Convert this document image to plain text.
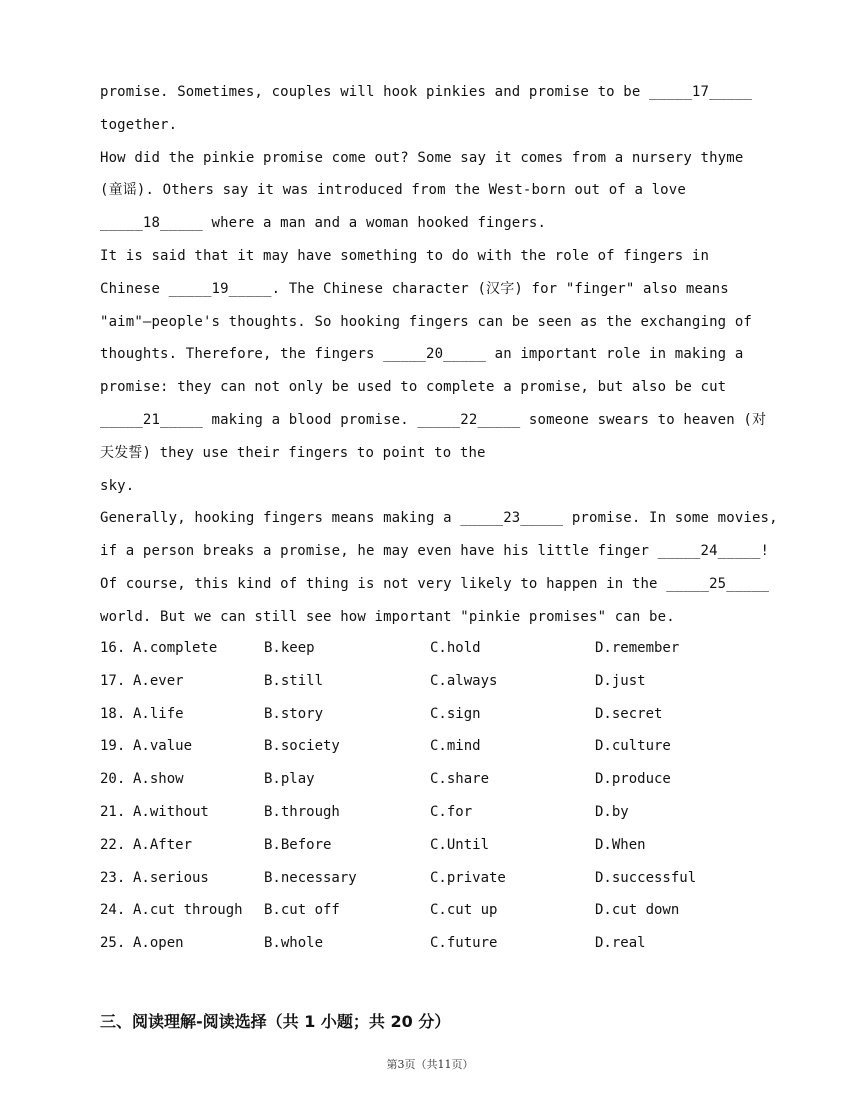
promise. Sometimes, couples will hook pinkies and promise to be _____17_____
together.
How did the pinkie promise come out? Some say it comes from a nursery thyme
(童谣). Others say it was introduced from the West-born out of a love
_____18_____ where a man and a woman hooked fingers.
It is said that it may have something to do with the role of fingers in
Chinese _____19_____. The Chinese character (汉字) for "finger" also means
"aim"—people's thoughts. So hooking fingers can be seen as the exchanging of
thoughts. Therefore, the fingers _____20_____ an important role in making a
promise: they can not only be used to complete a promise, but also be cut
_____21_____ making a blood promise. _____22_____ someone swears to heaven (对
天发誓) they use their fingers to point to the
sky.
Generally, hooking fingers means making a _____23_____ promise. In some movies,
if a person breaks a promise, he may even have his little finger _____24_____!
Of course, this kind of thing is not very likely to happen in the _____25_____
world. But we can still see how important "pinkie promises" can be.
16. A.complete	B.keep	C.hold	D.remember
17. A.ever	B.still	C.always	D.just
18. A.life	B.story	C.sign	D.secret
19. A.value	B.society	C.mind	D.culture
20. A.show	B.play	C.share	D.produce
21. A.without	B.through	C.for	D.by
22. A.After	B.Before	C.Until	D.When
23. A.serious	B.necessary	C.private	D.successful
24. A.cut through B.cut off	C.cut up	D.cut down
25. A.open	B.whole	C.future	D.real
三、阅读理解-阅读选择（共 1 小题；共 20 分）
第3页（共11页）
